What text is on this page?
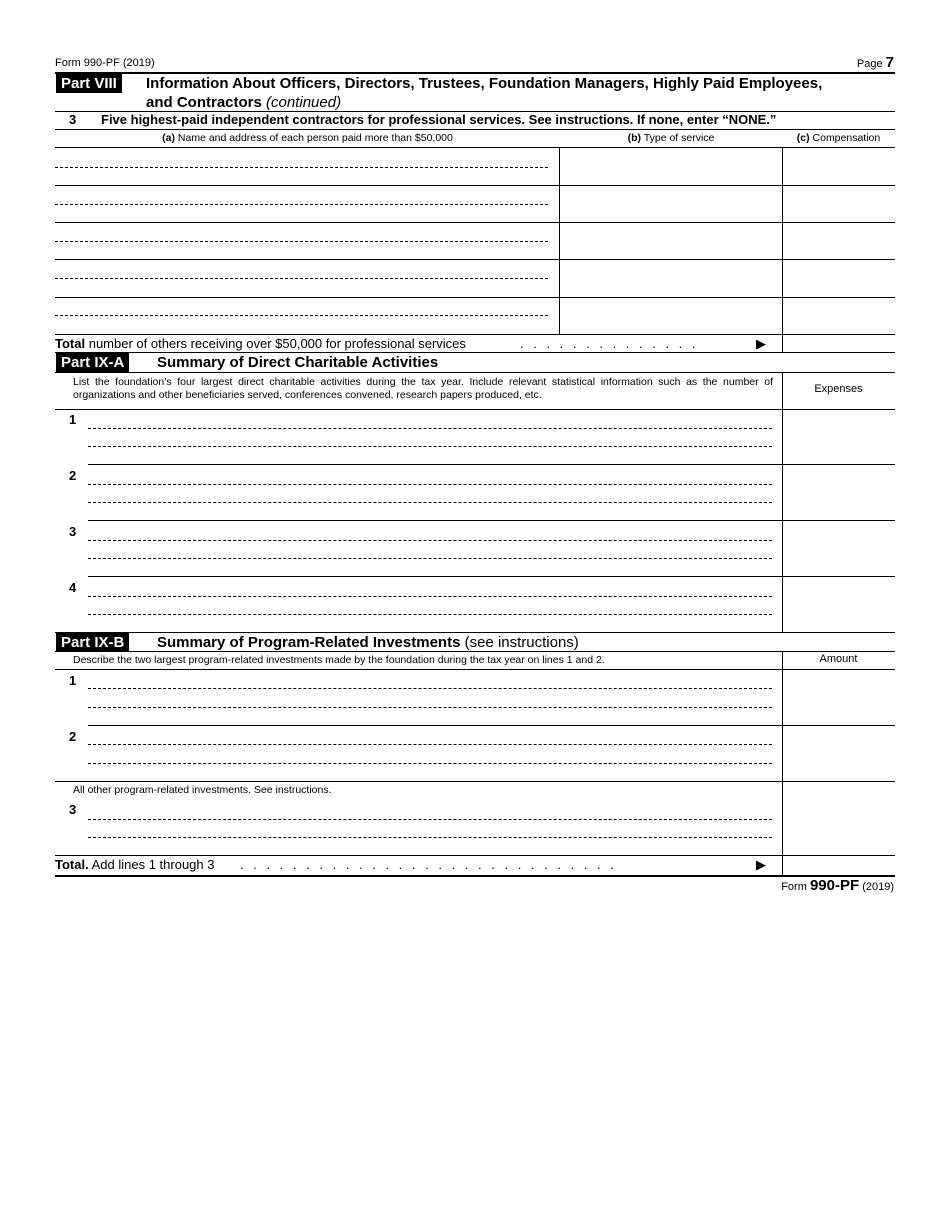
Form 990-PF (2019)	Page 7
Part VIII	Information About Officers, Directors, Trustees, Foundation Managers, Highly Paid Employees,
and Contractors (continued)
3 Five highest-paid independent contractors for professional services. See instructions. If none, enter “NONE.”
(a) Name and address of each person paid more than $50,000	(b) Type of service	(c) Compensation
Total number of others receiving over $50,000 for professional services	. . . . . . . . . . . . . .	▶
Part IX-A	Summary of Direct Charitable Activities
List the foundation’s four largest direct charitable activities during the tax year. Include relevant statistical information such as the number of organizations and other beneficiaries served, conferences convened, research papers produced, etc.	Expenses
1
2
3
4
Part IX-B	Summary of Program-Related Investments (see instructions)
Describe the two largest program-related investments made by the foundation during the tax year on lines 1 and 2.	Amount
1
2
All other program-related investments. See instructions.
3
Total. Add lines 1 through 3 . . . . . . . . . . . . . . . . . . . . . . . . . . . . .	▶
Form 990-PF (2019)
